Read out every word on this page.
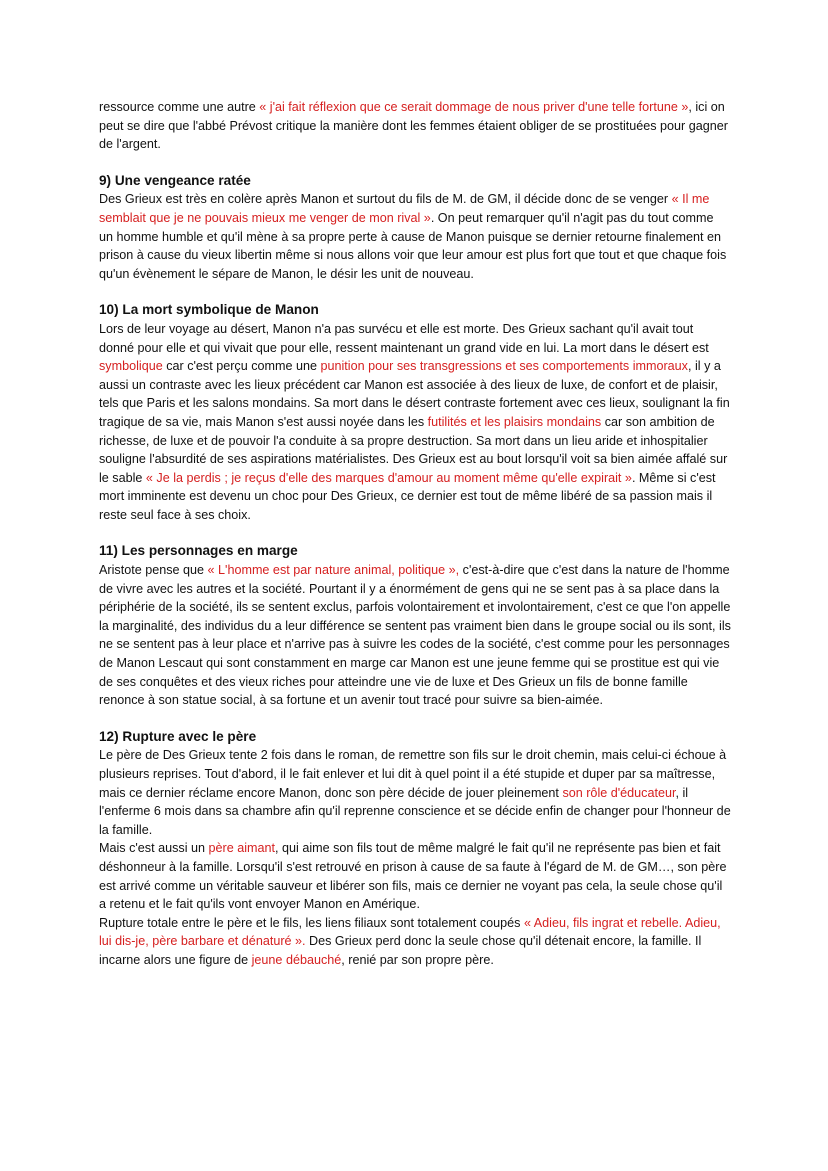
ressource comme une autre « j'ai fait réflexion que ce serait dommage de nous priver d'une telle fortune », ici on peut se dire que l'abbé Prévost critique la manière dont les femmes étaient obliger de se prostituées pour gagner de l'argent.

9) Une vengeance ratée

Des Grieux est très en colère après Manon et surtout du fils de M. de GM, il décide donc de se venger « Il me semblait que je ne pouvais mieux me venger de mon rival ». On peut remarquer qu'il n'agit pas du tout comme un homme humble et qu'il mène à sa propre perte à cause de Manon puisque se dernier retourne finalement en prison à cause du vieux libertin même si nous allons voir que leur amour est plus fort que tout et que chaque fois qu'un évènement le sépare de Manon, le désir les unit de nouveau.

10) La mort symbolique de Manon

Lors de leur voyage au désert, Manon n'a pas survécu et elle est morte. Des Grieux sachant qu'il avait tout donné pour elle et qui vivait que pour elle, ressent maintenant un grand vide en lui. La mort dans le désert est symbolique car c'est perçu comme une punition pour ses transgressions et ses comportements immoraux, il y a aussi un contraste avec les lieux précédent car Manon est associée à des lieux de luxe, de confort et de plaisir, tels que Paris et les salons mondains. Sa mort dans le désert contraste fortement avec ces lieux, soulignant la fin tragique de sa vie, mais Manon s'est aussi noyée dans les futilités et les plaisirs mondains car son ambition de richesse, de luxe et de pouvoir l'a conduite à sa propre destruction. Sa mort dans un lieu aride et inhospitalier souligne l'absurdité de ses aspirations matérialistes. Des Grieux est au bout lorsqu'il voit sa bien aimée affalé sur le sable « Je la perdis ; je reçus d'elle des marques d'amour au moment même qu'elle expirait ». Même si c'est mort imminente est devenu un choc pour Des Grieux, ce dernier est tout de même libéré de sa passion mais il reste seul face à ses choix.

11) Les personnages en marge

Aristote pense que « L'homme est par nature animal, politique », c'est-à-dire que c'est dans la nature de l'homme de vivre avec les autres et la société. Pourtant il y a énormément de gens qui ne se sent pas à sa place dans la périphérie de la société, ils se sentent exclus, parfois volontairement et involontairement, c'est ce que l'on appelle la marginalité, des individus du a leur différence se sentent pas vraiment bien dans le groupe social ou ils sont, ils ne se sentent pas à leur place et n'arrive pas à suivre les codes de la société, c'est comme pour les personnages de Manon Lescaut qui sont constamment en marge car Manon est une jeune femme qui se prostitue est qui vie de ses conquêtes et des vieux riches pour atteindre une vie de luxe et Des Grieux un fils de bonne famille renonce à son statue social, à sa fortune et un avenir tout tracé pour suivre sa bien-aimée.

12) Rupture avec le père

Le père de Des Grieux tente 2 fois dans le roman, de remettre son fils sur le droit chemin, mais celui-ci échoue à plusieurs reprises. Tout d'abord, il le fait enlever et lui dit à quel point il a été stupide et duper par sa maîtresse, mais ce dernier réclame encore Manon, donc son père décide de jouer pleinement son rôle d'éducateur, il l'enferme 6 mois dans sa chambre afin qu'il reprenne conscience et se décide enfin de changer pour l'honneur de la famille.

Mais c'est aussi un père aimant, qui aime son fils tout de même malgré le fait qu'il ne représente pas bien et fait déshonneur à la famille. Lorsqu'il s'est retrouvé en prison à cause de sa faute à l'égard de M. de GM…, son père est arrivé comme un véritable sauveur et libérer son fils, mais ce dernier ne voyant pas cela, la seule chose qu'il a retenu et le fait qu'ils vont envoyer Manon en Amérique.

Rupture totale entre le père et le fils, les liens filiaux sont totalement coupés « Adieu, fils ingrat et rebelle. Adieu, lui dis-je, père barbare et dénaturé ». Des Grieux perd donc la seule chose qu'il détenait encore, la famille. Il incarne alors une figure de jeune débauché, renié par son propre père.
